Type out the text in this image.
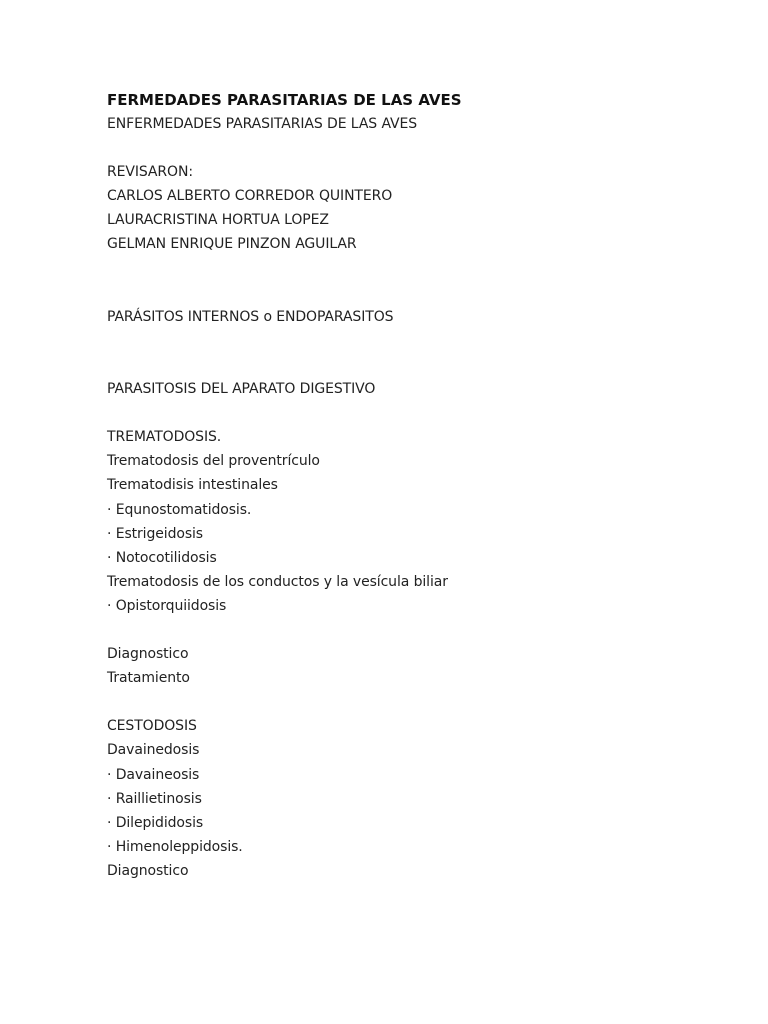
FERMEDADES PARASITARIAS DE LAS AVES
ENFERMEDADES PARASITARIAS DE LAS AVES
REVISARON:
CARLOS ALBERTO CORREDOR QUINTERO
LAURACRISTINA HORTUA LOPEZ
GELMAN ENRIQUE PINZON AGUILAR
PARÁSITOS INTERNOS o ENDOPARASITOS
PARASITOSIS DEL APARATO DIGESTIVO
TREMATODOSIS.
Trematodosis del proventrículo
Trematodisis intestinales
· Equnostomatidosis.
· Estrigeidosis
· Notocotilidosis
Trematodosis de los conductos y la vesícula biliar
· Opistorquiidosis
Diagnostico
Tratamiento
CESTODOSIS
Davainedosis
· Davaineosis
· Raillietinosis
· Dilepididosis
· Himenoleppidosis.
Diagnostico
